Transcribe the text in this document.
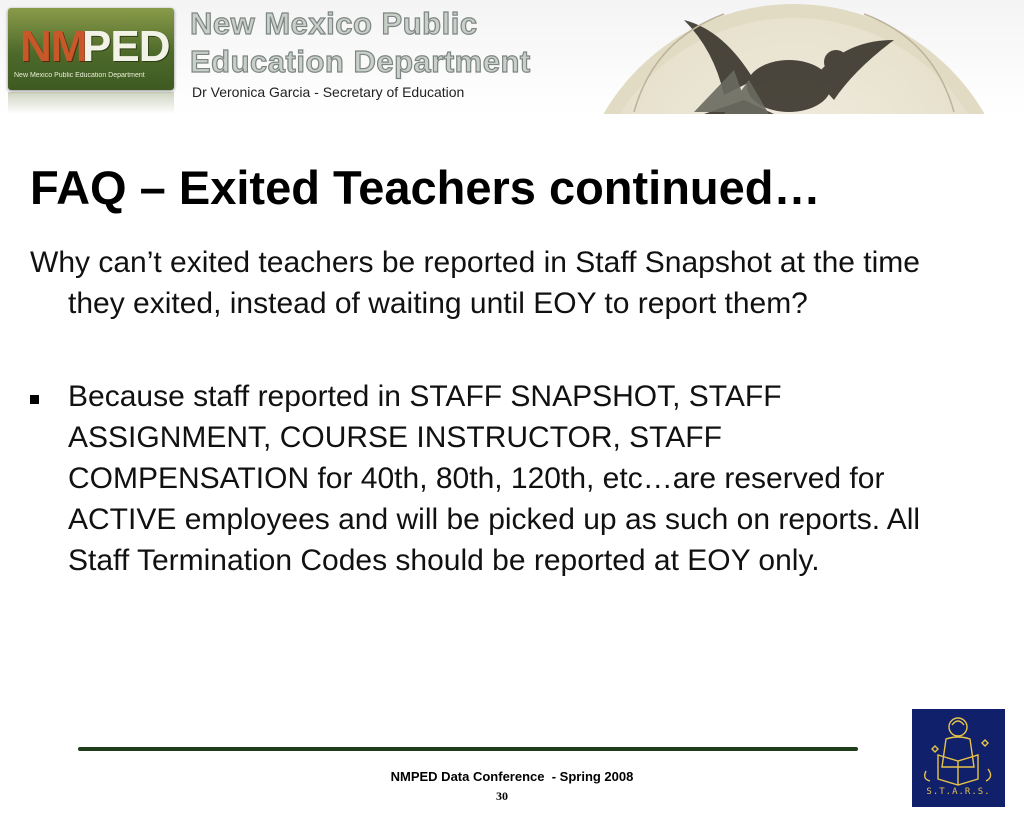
NM
PED
New Mexico Public Education Department
New Mexico Public
Education Department
Dr Veronica Garcia - Secretary of Education
FAQ – Exited Teachers continued…

Why can’t exited teachers be reported in Staff Snapshot at the time they exited, instead of waiting until EOY to report them?

Because staff reported in STAFF SNAPSHOT, STAFF ASSIGNMENT, COURSE INSTRUCTOR, STAFF COMPENSATION for 40th, 80th, 120th, etc…are reserved for ACTIVE employees and will be picked up as such on reports. All Staff Termination Codes should be reported at EOY only.

NMPED Data Conference  - Spring 2008
30	S.T.A.R.S.
